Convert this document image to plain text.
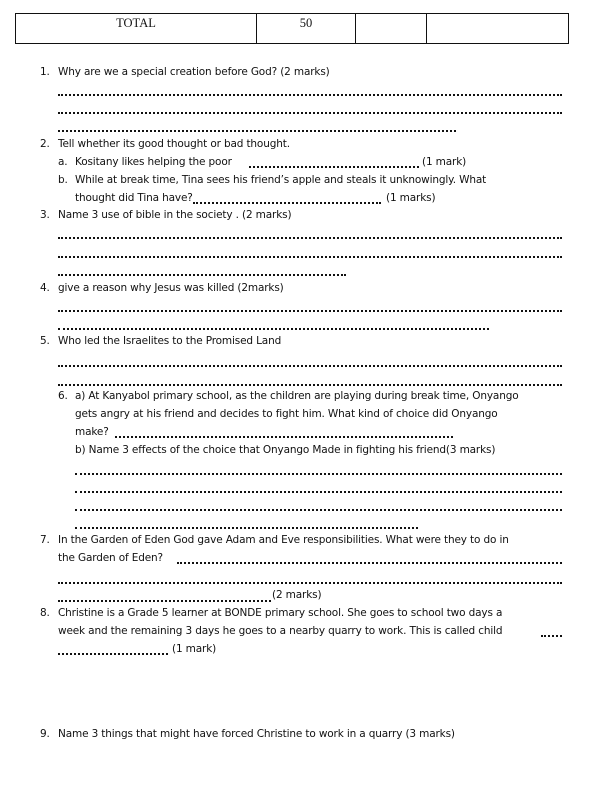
TOTAL	50		
1. Why are we a special creation before God? (2 marks)
2. Tell whether its good thought or bad thought.
a. Kositany likes helping the poor	(1 mark)
b. While at break time, Tina sees his friend’s apple and steals it unknowingly. What
thought did Tina have?	(1 marks)
3. Name 3 use of bible in the society . (2 marks)
4. give a reason why Jesus was killed (2marks)
5. Who led the Israelites to the Promised Land
6. a) At Kanyabol primary school, as the children are playing during break time, Onyango
gets angry at his friend and decides to fight him. What kind of choice did Onyango
make?
b) Name 3 effects of the choice that Onyango Made in fighting his friend(3 marks)
7. In the Garden of Eden God gave Adam and Eve responsibilities. What were they to do in
the Garden of Eden?
(2 marks)
8. Christine is a Grade 5 learner at BONDE primary school. She goes to school two days a
week and the remaining 3 days he goes to a nearby quarry to work. This is called child
(1 mark)
9. Name 3 things that might have forced Christine to work in a quarry (3 marks)
